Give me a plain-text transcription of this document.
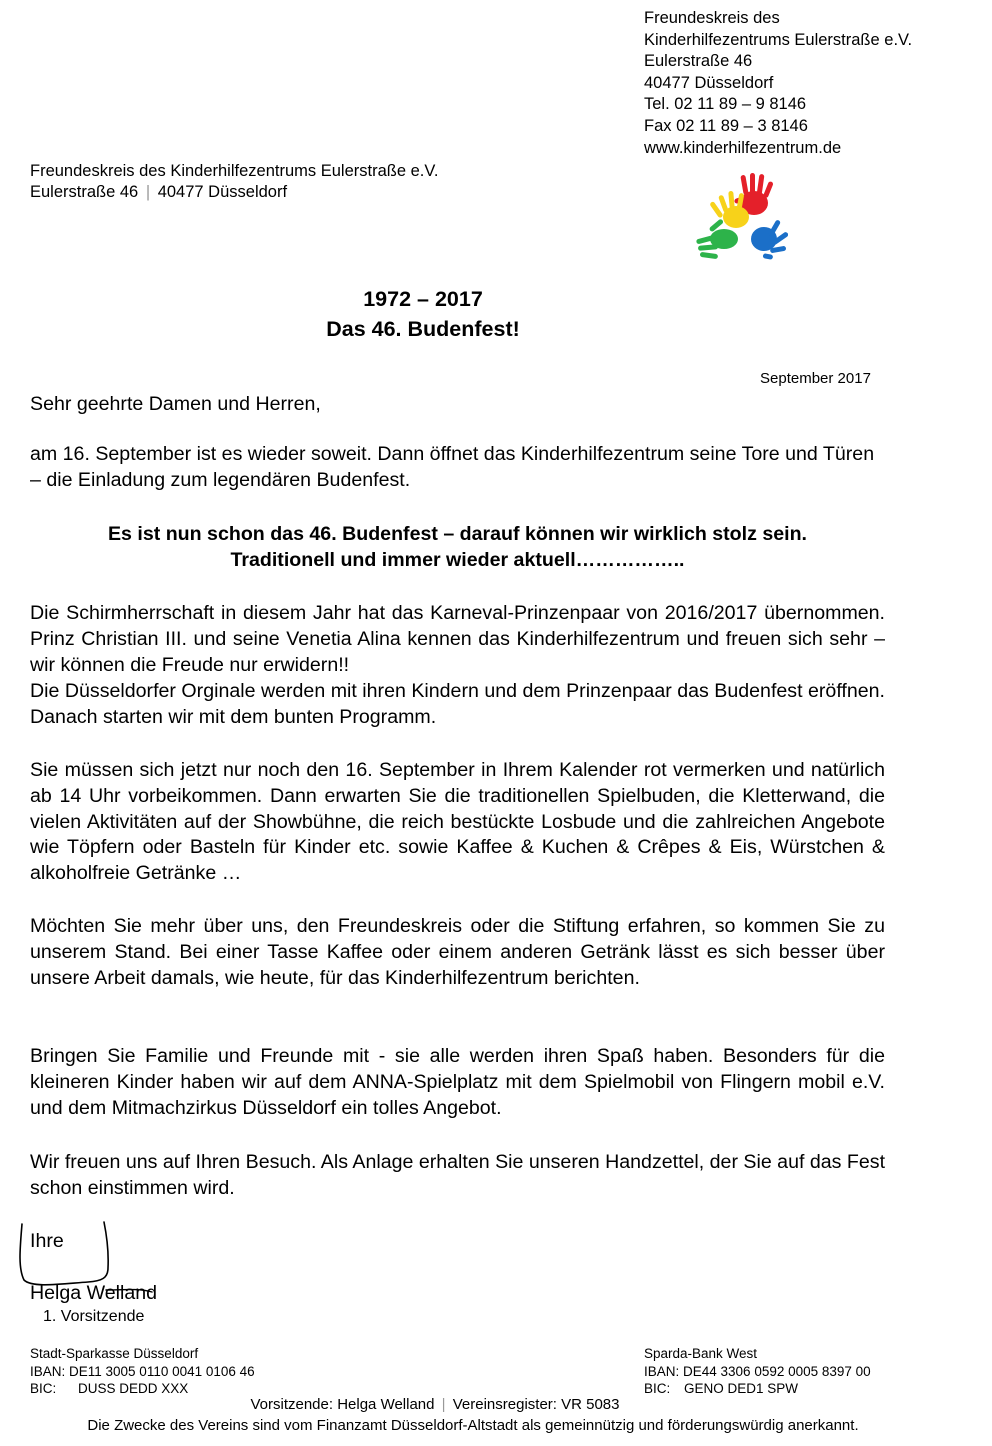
Freundeskreis des
Kinderhilfezentrums Eulerstraße e.V.
Eulerstraße 46
40477 Düsseldorf
Tel. 02 11 89 – 9 8146
Fax 02 11 89 – 3 8146
www.kinderhilfezentrum.de
Freundeskreis des Kinderhilfezentrums Eulerstraße e.V.
Eulerstraße 46 | 40477 Düsseldorf
1972 – 2017
Das 46. Budenfest!
September 2017
Sehr geehrte Damen und Herren,

am 16. September ist es wieder soweit. Dann öffnet das Kinderhilfezentrum seine Tore und Türen – die Einladung zum legendären Budenfest.

Es ist nun schon das 46. Budenfest – darauf können wir wirklich stolz sein.
Traditionell und immer wieder aktuell……………..

Die Schirmherrschaft in diesem Jahr hat das Karneval-Prinzenpaar von 2016/2017 übernommen. Prinz Christian III. und seine Venetia Alina kennen das Kinderhilfezentrum und freuen sich sehr – wir können die Freude nur erwidern!!

Die Düsseldorfer Orginale werden mit ihren Kindern und dem Prinzenpaar das Budenfest eröffnen. Danach starten wir mit dem bunten Programm.

Sie müssen sich jetzt nur noch den 16. September in Ihrem Kalender rot vermerken und natürlich ab 14 Uhr vorbeikommen. Dann erwarten Sie die traditionellen Spielbuden, die Kletterwand, die vielen Aktivitäten auf der Showbühne, die reich bestückte Losbude und die zahlreichen Angebote wie Töpfern oder Basteln für Kinder etc. sowie Kaffee & Kuchen & Crêpes & Eis, Würstchen & alkoholfreie Getränke …

Möchten Sie mehr über uns, den Freundeskreis oder die Stiftung erfahren, so kommen Sie zu unserem Stand. Bei einer Tasse Kaffee oder einem anderen Getränk lässt es sich besser über unsere Arbeit damals, wie heute, für das Kinderhilfezentrum berichten.

Bringen Sie Familie und Freunde mit - sie alle werden ihren Spaß haben. Besonders für die kleineren Kinder haben wir auf dem ANNA-Spielplatz mit dem Spielmobil von Flingern mobil e.V. und dem Mitmachzirkus Düsseldorf ein tolles Angebot.

Wir freuen uns auf Ihren Besuch. Als Anlage erhalten Sie unseren Handzettel, der Sie auf das Fest schon einstimmen wird.

Ihre
Helga Welland
1. Vorsitzende
Stadt-Sparkasse Düsseldorf
IBAN: DE11 3005 0110 0041 0106 46
BIC: DUSS DEDD XXX
Sparda-Bank West
IBAN: DE44 3306 0592 0005 8397 00
BIC: GENO DED1 SPW
Vorsitzende: Helga Welland | Vereinsregister: VR 5083
Die Zwecke des Vereins sind vom Finanzamt Düsseldorf-Altstadt als gemeinnützig und förderungswürdig anerkannt.
